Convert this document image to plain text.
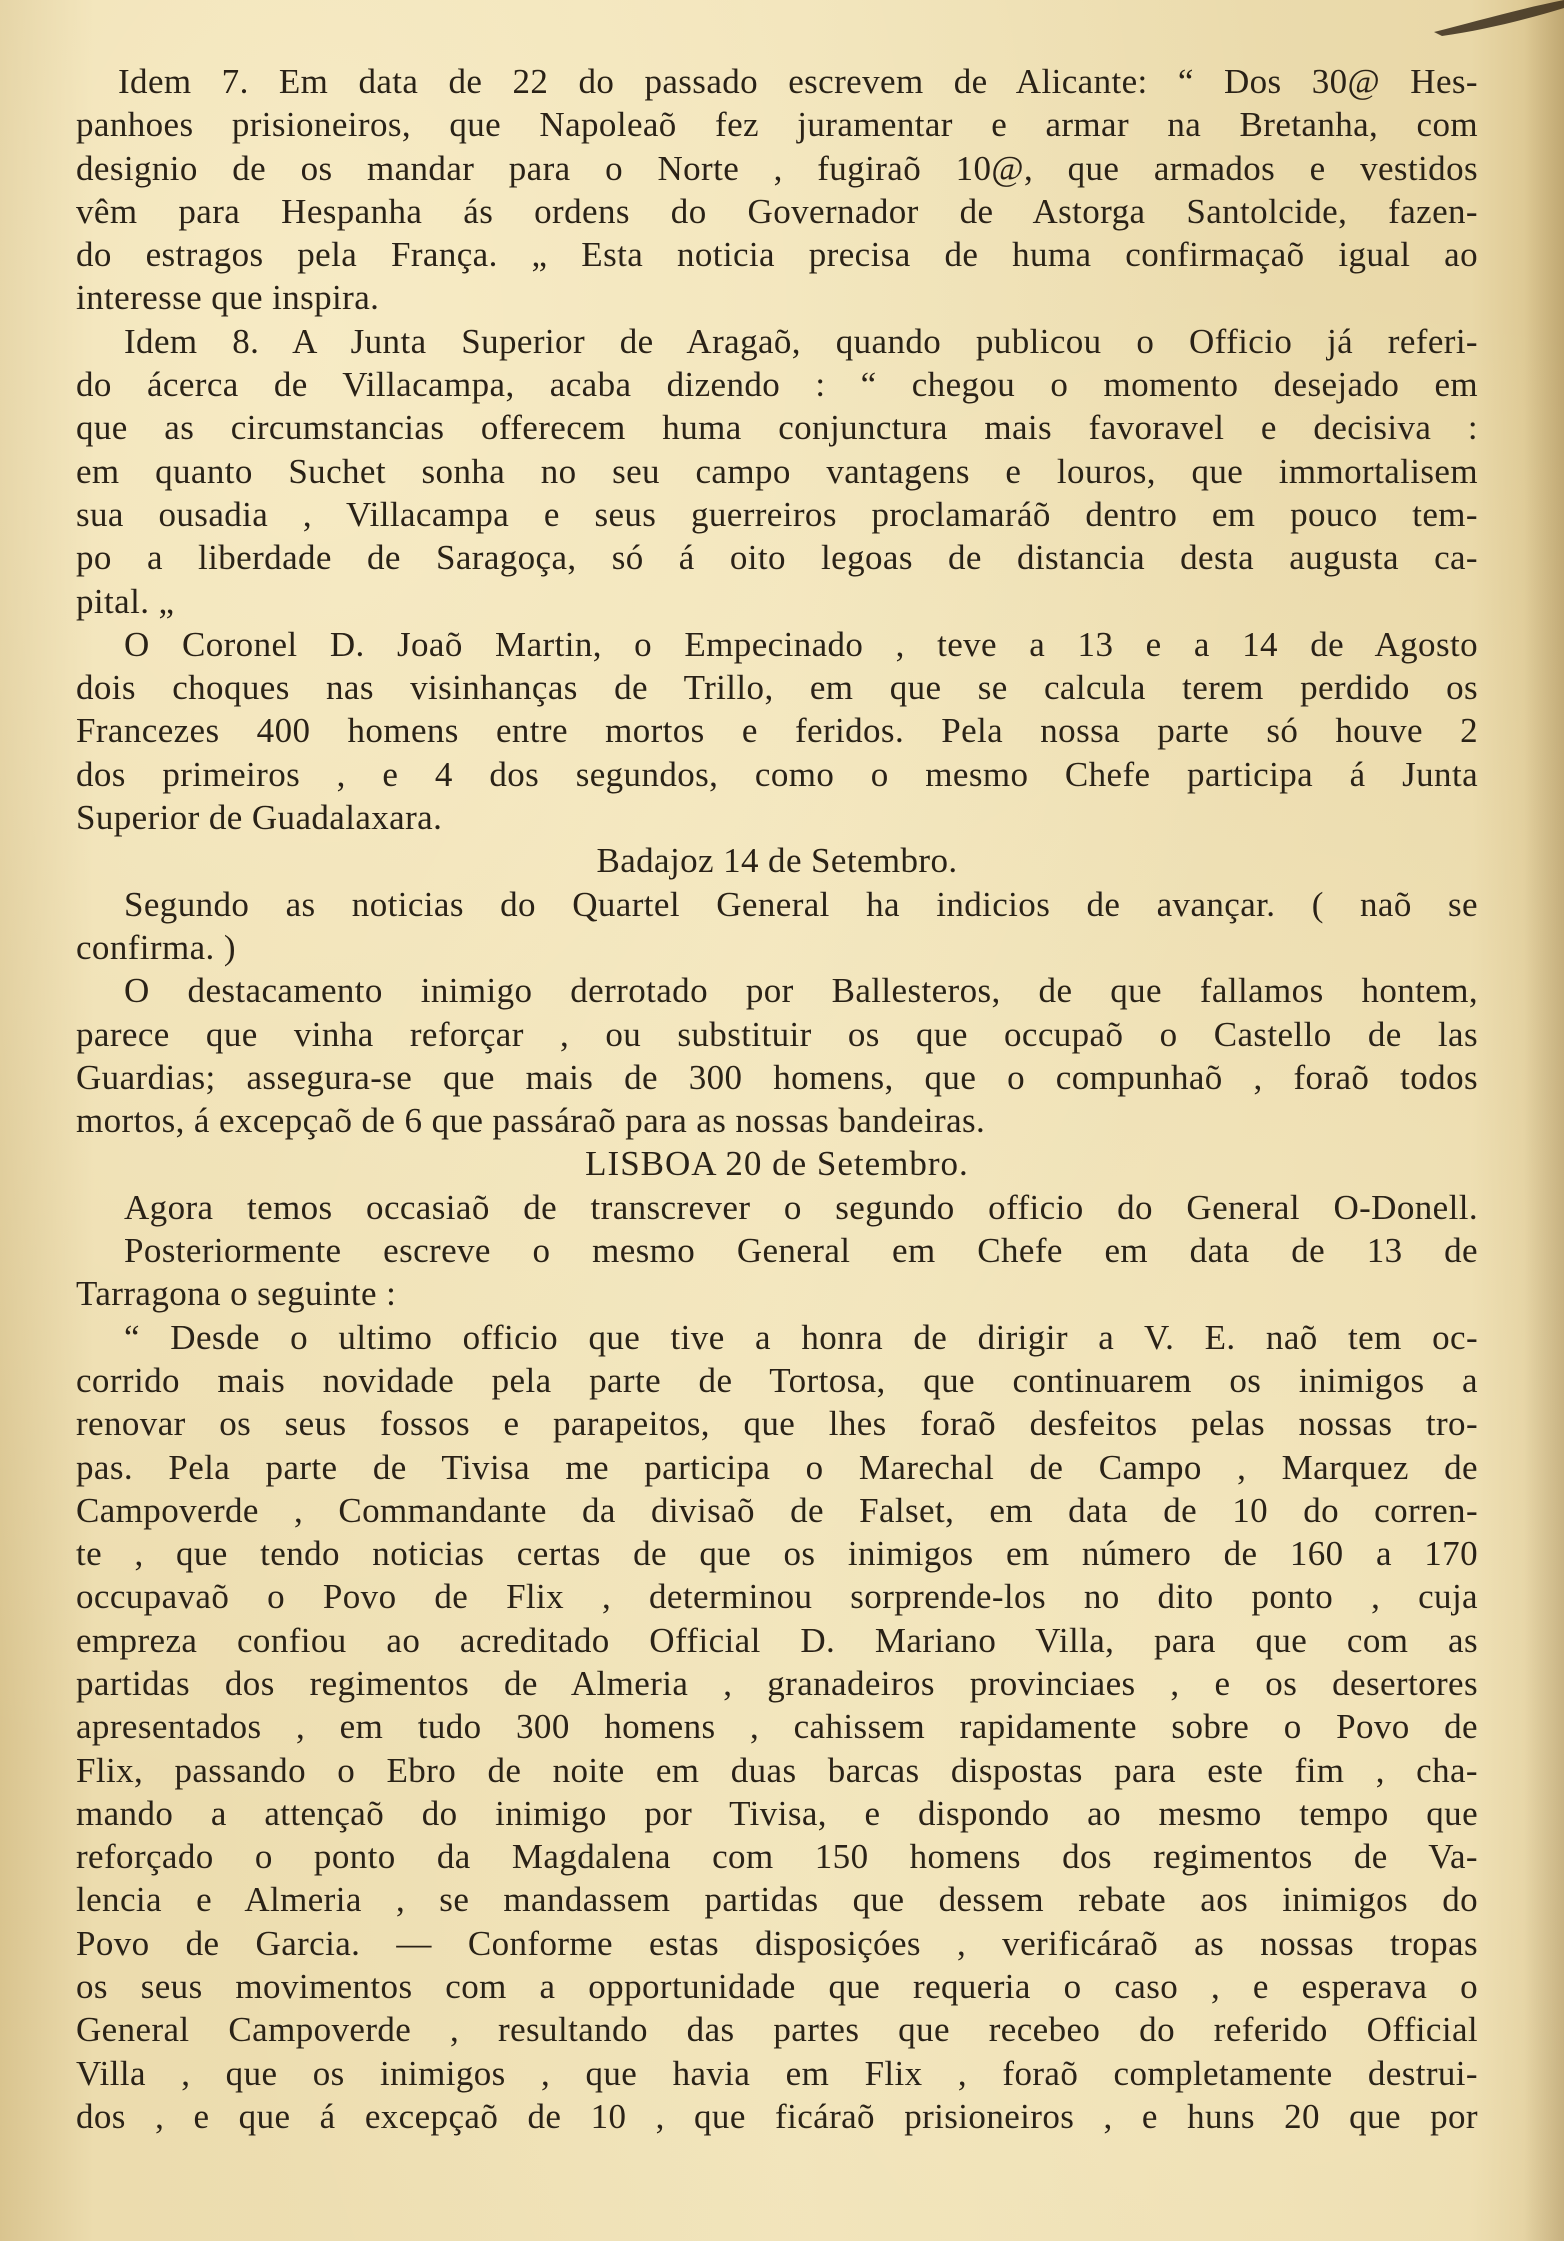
Idem 7. Em data de 22 do passado escrevem de Alicante: “ Dos 30@ Hes-
panhoes prisioneiros, que Napoleaõ fez juramentar e armar na Bretanha, com
designio de os mandar para o Norte , fugiraõ 10@, que armados e vestidos
vêm para Hespanha ás ordens do Governador de Astorga Santolcide, fazen-
do estragos pela França. „ Esta noticia precisa de huma confirmaçaõ igual ao
interesse que inspira.
Idem 8. A Junta Superior de Aragaõ, quando publicou o Officio já referi-
do ácerca de Villacampa, acaba dizendo : “ chegou o momento desejado em
que as circumstancias offerecem huma conjunctura mais favoravel e decisiva :
em quanto Suchet sonha no seu campo vantagens e louros, que immortalisem
sua ousadia , Villacampa e seus guerreiros proclamaráõ dentro em pouco tem-
po a liberdade de Saragoça, só á oito legoas de distancia desta augusta ca-
pital. „
O Coronel D. Joaõ Martin, o Empecinado , teve a 13 e a 14 de Agosto
dois choques nas visinhanças de Trillo, em que se calcula terem perdido os
Francezes 400 homens entre mortos e feridos. Pela nossa parte só houve 2
dos primeiros , e 4 dos segundos, como o mesmo Chefe participa á Junta
Superior de Guadalaxara.
Badajoz 14 de Setembro.
Segundo as noticias do Quartel General ha indicios de avançar. ( naõ se
confirma. )
O destacamento inimigo derrotado por Ballesteros, de que fallamos hontem,
parece que vinha reforçar , ou substituir os que occupaõ o Castello de las
Guardias; assegura-se que mais de 300 homens, que o compunhaõ , foraõ todos
mortos, á excepçaõ de 6 que passáraõ para as nossas bandeiras.
LISBOA 20 de Setembro.
Agora temos occasiaõ de transcrever o segundo officio do General O-Donell.
Posteriormente escreve o mesmo General em Chefe em data de 13 de
Tarragona o seguinte :
“ Desde o ultimo officio que tive a honra de dirigir a V. E. naõ tem oc-
corrido mais novidade pela parte de Tortosa, que continuarem os inimigos a
renovar os seus fossos e parapeitos, que lhes foraõ desfeitos pelas nossas tro-
pas. Pela parte de Tivisa me participa o Marechal de Campo , Marquez de
Campoverde , Commandante da divisaõ de Falset, em data de 10 do corren-
te , que tendo noticias certas de que os inimigos em número de 160 a 170
occupavaõ o Povo de Flix , determinou sorprende-los no dito ponto , cuja
empreza confiou ao acreditado Official D. Mariano Villa, para que com as
partidas dos regimentos de Almeria , granadeiros provinciaes , e os desertores
apresentados , em tudo 300 homens , cahissem rapidamente sobre o Povo de
Flix, passando o Ebro de noite em duas barcas dispostas para este fim , cha-
mando a attençaõ do inimigo por Tivisa, e dispondo ao mesmo tempo que
reforçado o ponto da Magdalena com 150 homens dos regimentos de Va-
lencia e Almeria , se mandassem partidas que dessem rebate aos inimigos do
Povo de Garcia. — Conforme estas disposiçóes , verificáraõ as nossas tropas
os seus movimentos com a opportunidade que requeria o caso , e esperava o
General Campoverde , resultando das partes que recebeo do referido Official
Villa , que os inimigos , que havia em Flix , foraõ completamente destrui-
dos , e que á excepçaõ de 10 , que ficáraõ prisioneiros , e huns 20 que por
